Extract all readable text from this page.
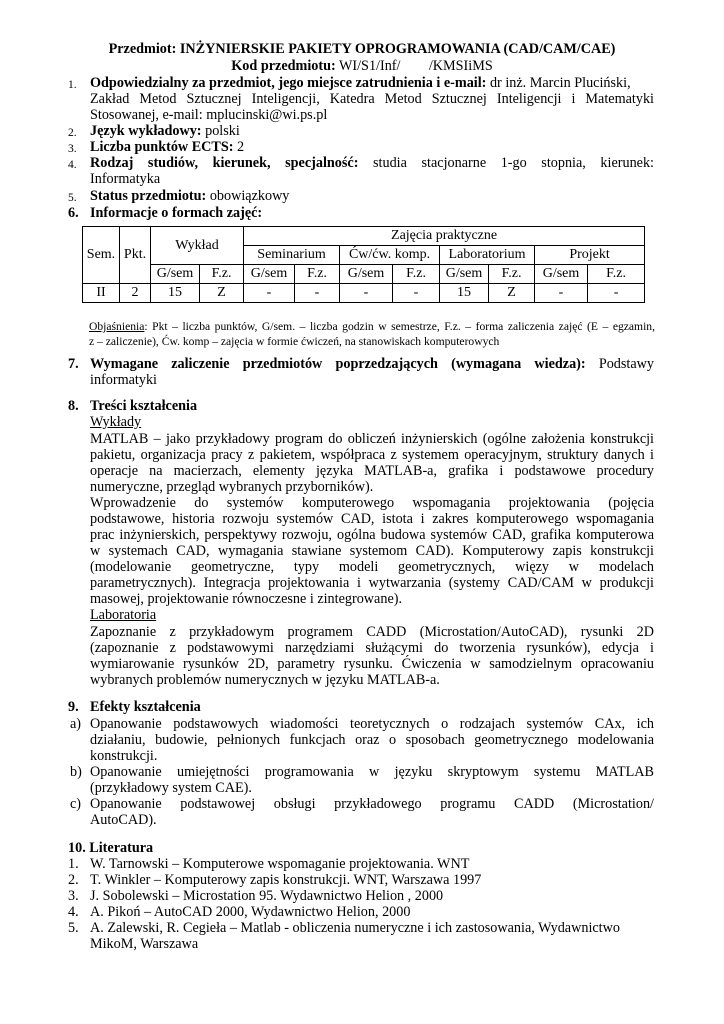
Przedmiot: INŻYNIERSKIE PAKIETY OPROGRAMOWANIA (CAD/CAM/CAE)
Kod przedmiotu: WI/S1/Inf/        /KMSIiMS
1. Odpowiedzialny za przedmiot, jego miejsce zatrudnienia i e-mail: dr inż. Marcin Pluciński,
Zakład Metod Sztucznej Inteligencji, Katedra Metod Sztucznej Inteligencji i Matematyki
Stosowanej, e-mail: mplucinski@wi.ps.pl
2. Język wykładowy: polski
3. Liczba punktów ECTS: 2
4. Rodzaj studiów, kierunek, specjalność: studia stacjonarne 1-go stopnia, kierunek:
Informatyka
5. Status przedmiotu: obowiązkowy
6. Informacje o formach zajęć:
Sem.	Pkt.	Wykład		Zajęcia praktyczne							
				Seminarium		Ćw/ćw. komp.		Laboratorium		Projekt	
		G/sem	F.z.	G/sem	F.z.	G/sem	F.z.	G/sem	F.z.	G/sem	F.z.
II	2	15	Z	-	-	-	-	15	Z	-	-
Objaśnienia: Pkt – liczba punktów, G/sem. – liczba godzin w semestrze, F.z. – forma zaliczenia zajęć (E – egzamin,
z – zaliczenie), Ćw. komp – zajęcia w formie ćwiczeń, na stanowiskach komputerowych
7. Wymagane zaliczenie przedmiotów poprzedzających (wymagana wiedza): Podstawy
informatyki
8. Treści kształcenia
Wykłady
Laboratoria
9. Efekty kształcenia
10. Literatura
MATLAB – jako przykładowy program do obliczeń inżynierskich (ogólne założenia konstrukcji
pakietu, organizacja pracy z pakietem, współpraca z systemem operacyjnym, struktury danych i
operacje na macierzach, elementy języka MATLAB-a, grafika i podstawowe procedury
numeryczne, przegląd wybranych przyborników).
Wprowadzenie do systemów komputerowego wspomagania projektowania (pojęcia
podstawowe, historia rozwoju systemów CAD, istota i zakres komputerowego wspomagania
prac inżynierskich, perspektywy rozwoju, ogólna budowa systemów CAD, grafika komputerowa
w systemach CAD, wymagania stawiane systemom CAD). Komputerowy zapis konstrukcji
(modelowanie geometryczne, typy modeli geometrycznych, więzy w modelach
parametrycznych). Integracja projektowania i wytwarzania (systemy CAD/CAM w produkcji
masowej, projektowanie równoczesne i zintegrowane).
Zapoznanie z przykładowym programem CADD (Microstation/AutoCAD), rysunki 2D
(zapoznanie z podstawowymi narzędziami służącymi do tworzenia rysunków), edycja i
wymiarowanie rysunków 2D, parametry rysunku. Ćwiczenia w samodzielnym opracowaniu
wybranych problemów numerycznych w języku MATLAB-a.
a) Opanowanie podstawowych wiadomości teoretycznych o rodzajach systemów CAx, ich
działaniu, budowie, pełnionych funkcjach oraz o sposobach geometrycznego modelowania
konstrukcji.
b) Opanowanie umiejętności programowania w języku skryptowym systemu MATLAB
(przykładowy system CAE).
c) Opanowanie podstawowej obsługi przykładowego programu CADD (Microstation/
AutoCAD).
1. W. Tarnowski – Komputerowe wspomaganie projektowania. WNT
2. T. Winkler – Komputerowy zapis konstrukcji. WNT, Warszawa 1997
3. J. Sobolewski – Microstation 95. Wydawnictwo Helion , 2000
4. A. Pikoń – AutoCAD 2000, Wydawnictwo Helion, 2000
5. A. Zalewski, R. Cegieła – Matlab - obliczenia numeryczne i ich zastosowania, Wydawnictwo
MikoM, Warszawa
